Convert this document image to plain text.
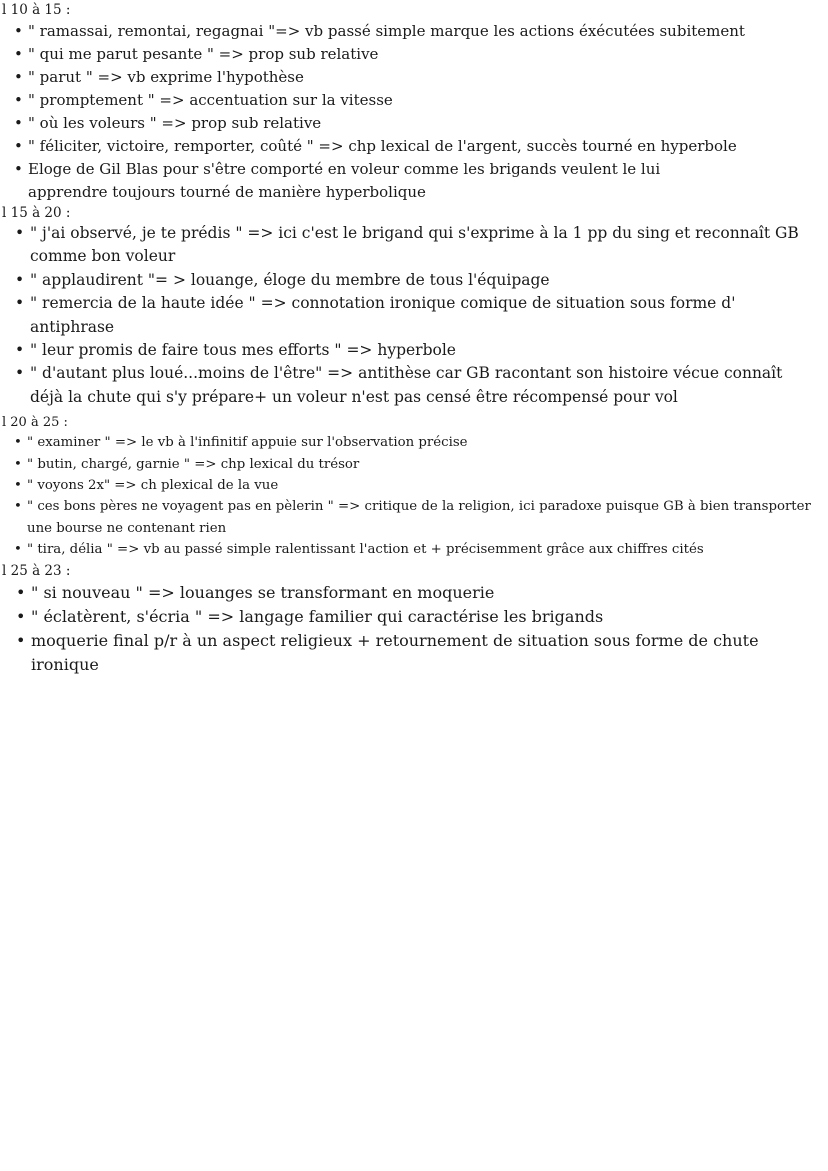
l 10 à 15 :

• " ramassai, remontai, regagnai "=> vb passé simple marque les actions éxécutées subitement
• " qui me parut pesante " => prop sub relative
• " parut " => vb exprime l'hypothèse
• " promptement " => accentuation sur la vitesse
• " où les voleurs " => prop sub relative
• " féliciter, victoire, remporter, coûté " => chp lexical de l'argent, succès tourné en hyperbole
• Eloge de Gil Blas pour s'être comporté en voleur comme les brigands veulent le lui apprendre toujours tourné de manière hyperbolique

l 15 à 20 :

• " j'ai observé, je te prédis " => ici c'est le brigand qui s'exprime à la 1 pp du sing et reconnaît GB comme bon voleur
• " applaudirent "= > louange, éloge du membre de tous l'équipage
• " remercia de la haute idée " => connotation ironique comique de situation sous forme d' antiphrase
• " leur promis de faire tous mes efforts " => hyperbole
• " d'autant plus loué...moins de l'être" => antithèse car GB racontant son histoire vécue connaît déjà la chute qui s'y prépare+ un voleur n'est pas censé être récompensé pour vol

l 20 à 25 :

• " examiner " => le vb à l'infinitif appuie sur l'observation précise
• " butin, chargé, garnie " => chp lexical du trésor
• " voyons 2x" => ch plexical de la vue
• " ces bons pères ne voyagent pas en pèlerin " => critique de la religion, ici paradoxe puisque GB à bien transporter une bourse ne contenant rien
• " tira, délia " => vb au passé simple ralentissant l'action et + précisemment grâce aux chiffres cités

l 25 à 23 :

• " si nouveau " => louanges se transformant en moquerie
• " éclatèrent, s'écria " => langage familier qui caractérise les brigands
• moquerie final p/r à un aspect religieux + retournement de situation sous forme de chute ironique
